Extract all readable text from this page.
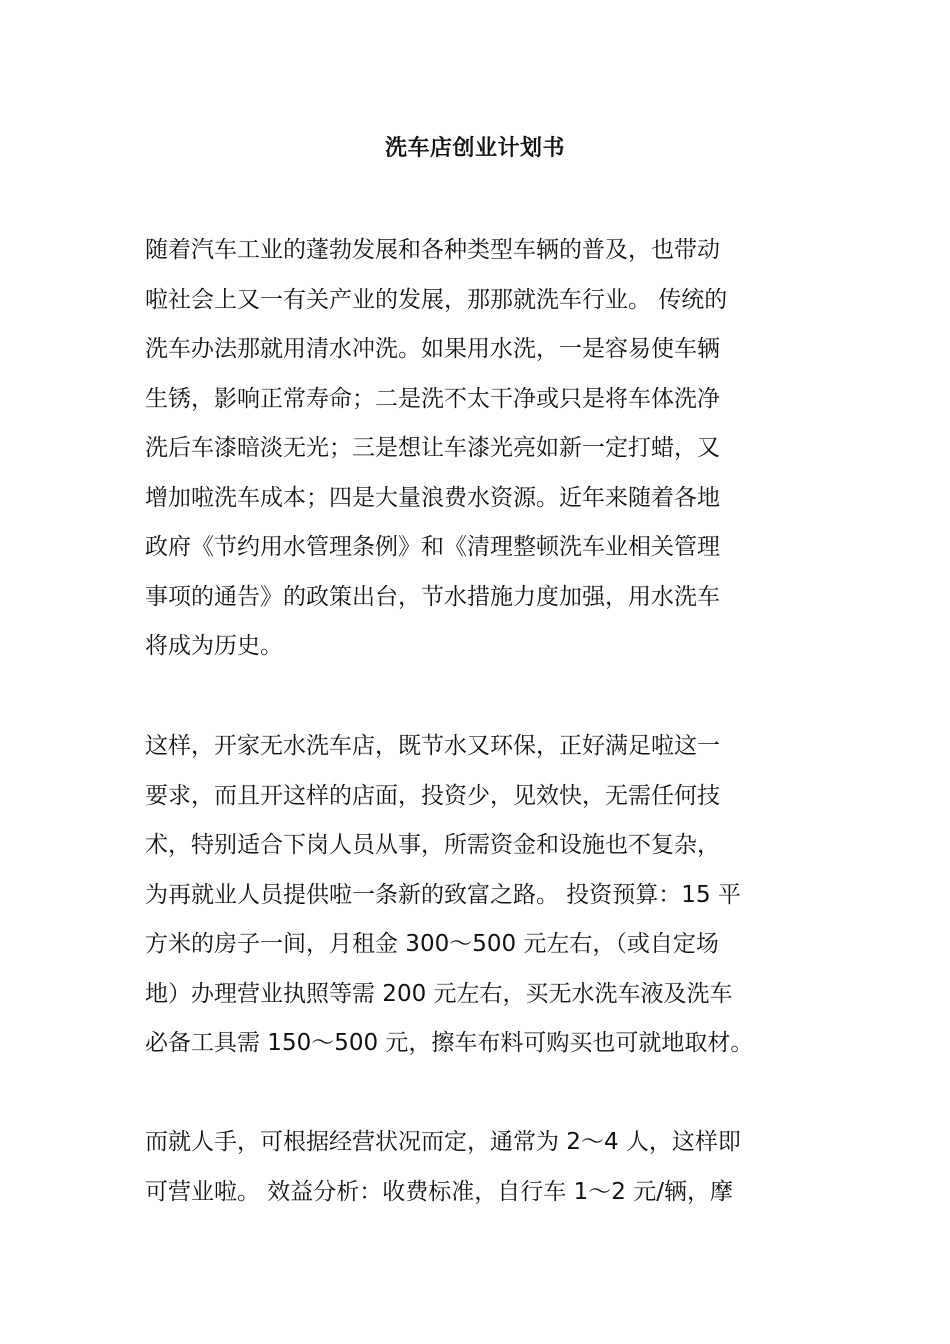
洗车店创业计划书
随着汽车工业的蓬勃发展和各种类型车辆的普及，也带动
啦社会上又一有关产业的发展，那那就洗车行业。 传统的
洗车办法那就用清水冲洗。如果用水洗，一是容易使车辆
生锈，影响正常寿命；二是洗不太干净或只是将车体洗净
洗后车漆暗淡无光；三是想让车漆光亮如新一定打蜡，又
增加啦洗车成本；四是大量浪费水资源。近年来随着各地
政府《节约用水管理条例》和《清理整顿洗车业相关管理
事项的通告》的政策出台，节水措施力度加强，用水洗车
将成为历史。
这样，开家无水洗车店，既节水又环保，正好满足啦这一
要求，而且开这样的店面，投资少，见效快，无需任何技
术，特别适合下岗人员从事，所需资金和设施也不复杂，
为再就业人员提供啦一条新的致富之路。 投资预算：15 平
方米的房子一间，月租金 300～500 元左右，（或自定场
地）办理营业执照等需 200 元左右，买无水洗车液及洗车
必备工具需 150～500 元，擦车布料可购买也可就地取材。
而就人手，可根据经营状况而定，通常为 2～4 人，这样即
可营业啦。 效益分析：收费标准，自行车 1～2 元/辆，摩
